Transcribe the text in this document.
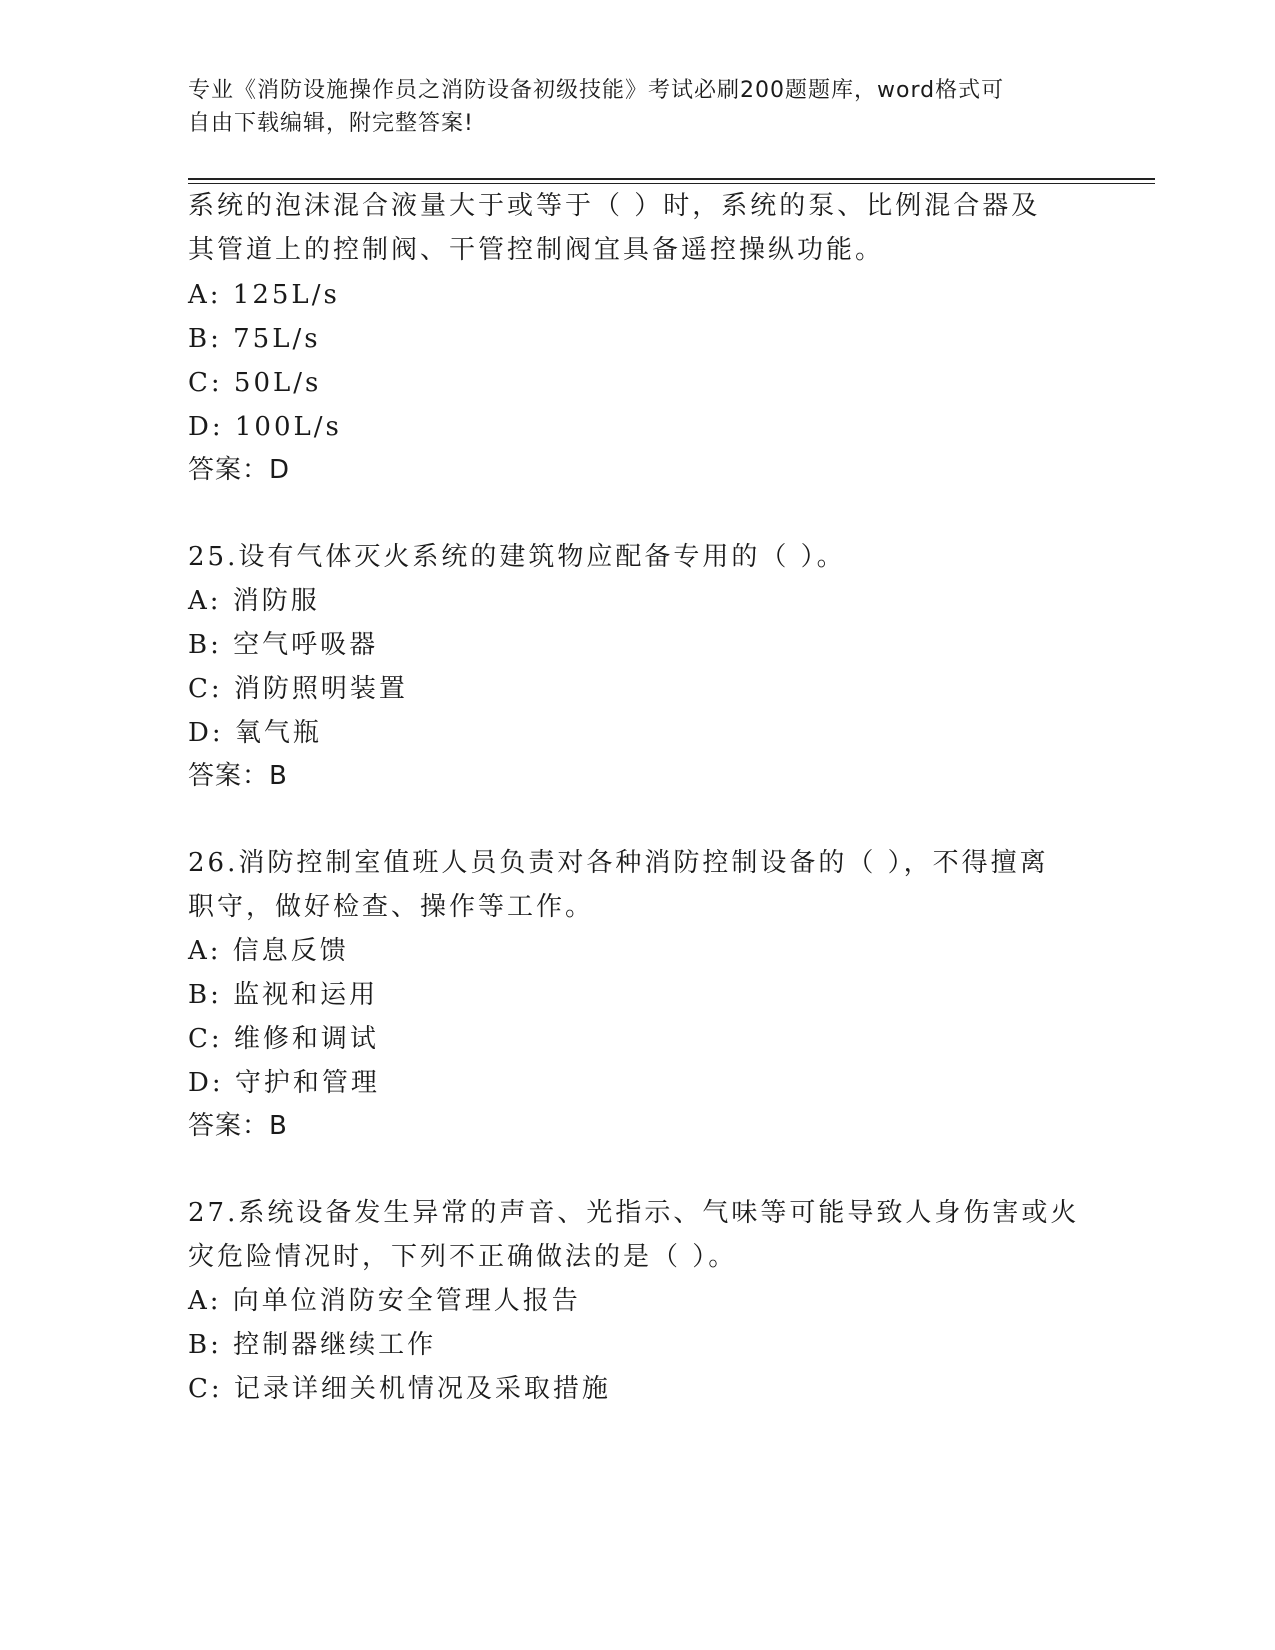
专业《消防设施操作员之消防设备初级技能》考试必刷200题题库，word格式可
自由下载编辑，附完整答案!
系统的泡沫混合液量大于或等于（ ）时，系统的泵、比例混合器及
其管道上的控制阀、干管控制阀宜具备遥控操纵功能。
A: 125L/s
B: 75L/s
C: 50L/s
D: 100L/s
答案：D
25.设有气体灭火系统的建筑物应配备专用的（ ）。
A: 消防服
B: 空气呼吸器
C: 消防照明装置
D: 氧气瓶
答案：B
26.消防控制室值班人员负责对各种消防控制设备的（ ），不得擅离
职守，做好检查、操作等工作。
A: 信息反馈
B: 监视和运用
C: 维修和调试
D: 守护和管理
答案：B
27.系统设备发生异常的声音、光指示、气味等可能导致人身伤害或火
灾危险情况时，下列不正确做法的是（ ）。
A: 向单位消防安全管理人报告
B: 控制器继续工作
C: 记录详细关机情况及采取措施
